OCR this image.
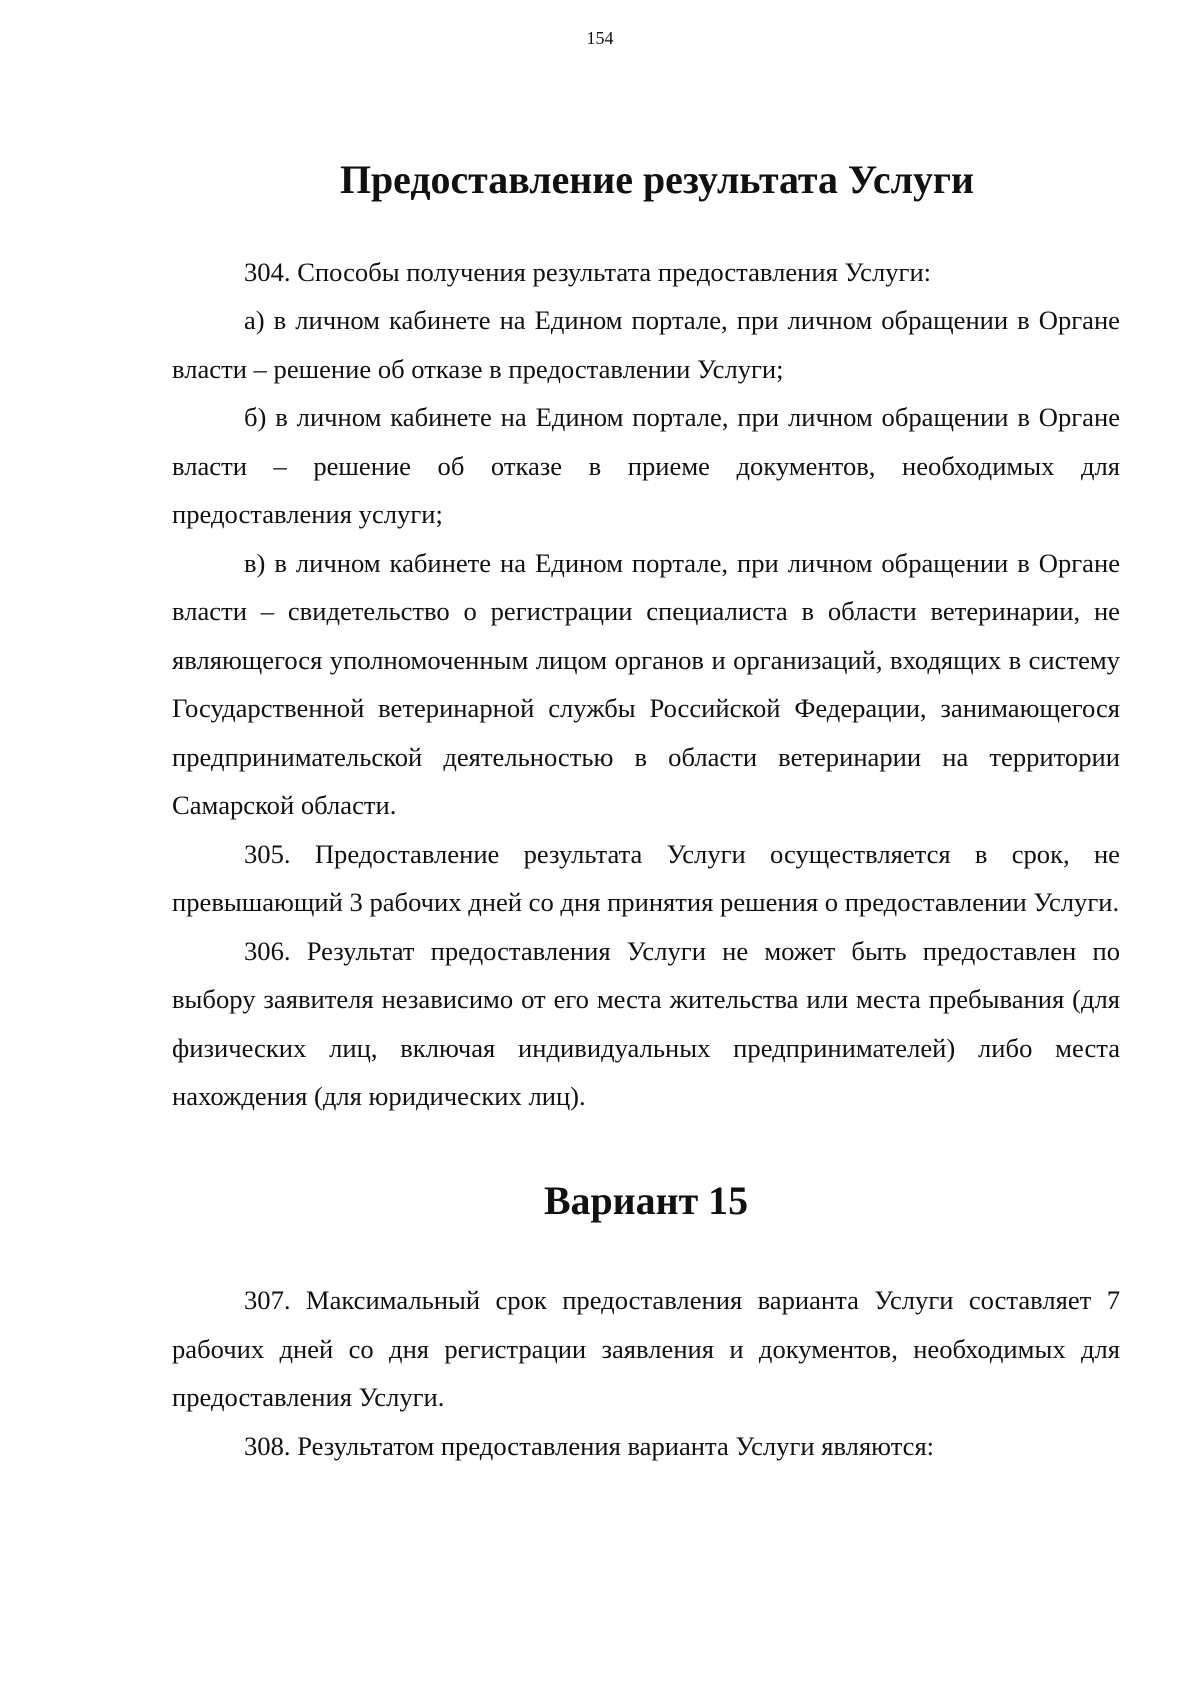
154
Предоставление результата Услуги

304. Способы получения результата предоставления Услуги:

а) в личном кабинете на Едином портале, при личном обращении в Органе власти – решение об отказе в предоставлении Услуги;

б) в личном кабинете на Едином портале, при личном обращении в Органе власти – решение об отказе в приеме документов, необходимых для предоставления услуги;

в) в личном кабинете на Едином портале, при личном обращении в Органе власти – свидетельство о регистрации специалиста в области ветеринарии, не являющегося уполномоченным лицом органов и организаций, входящих в систему Государственной ветеринарной службы Российской Федерации, занимающегося предпринимательской деятельностью в области ветеринарии на территории Самарской области.

305. Предоставление результата Услуги осуществляется в срок, не превышающий 3 рабочих дней со дня принятия решения о предоставлении Услуги.

306. Результат предоставления Услуги не может быть предоставлен по выбору заявителя независимо от его места жительства или места пребывания (для физических лиц, включая индивидуальных предпринимателей) либо места нахождения (для юридических лиц).

Вариант 15

307. Максимальный срок предоставления варианта Услуги составляет 7 рабочих дней со дня регистрации заявления и документов, необходимых для предоставления Услуги.

308. Результатом предоставления варианта Услуги являются:
